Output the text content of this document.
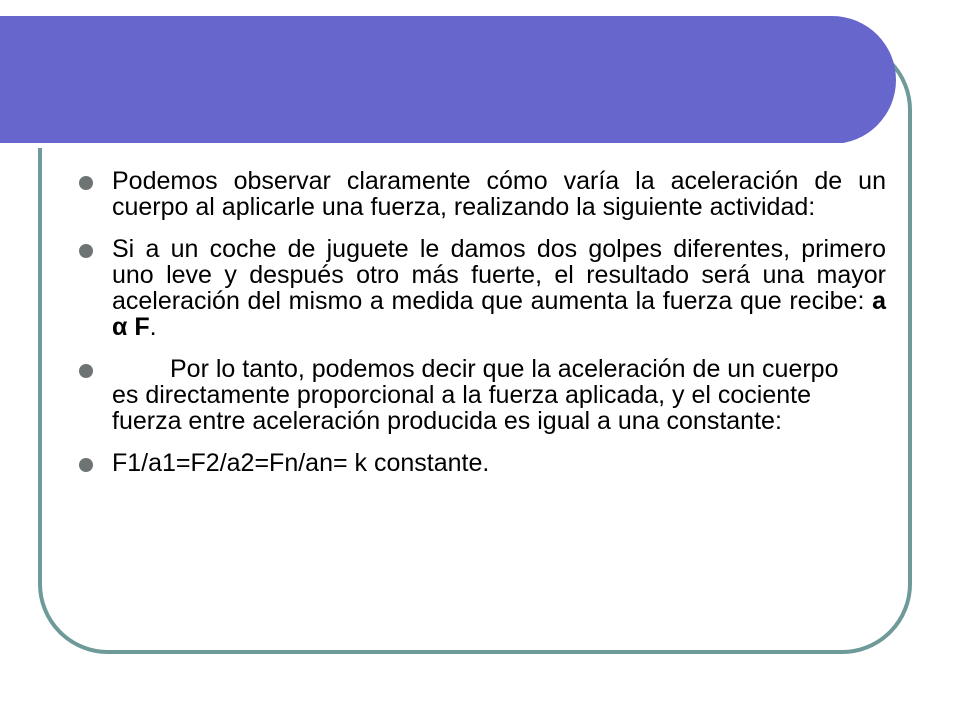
Podemos observar claramente cómo varía la aceleración de un cuerpo al aplicarle una fuerza, realizando la siguiente actividad:
Si a un coche de juguete le damos dos golpes diferentes, primero uno leve y después otro más fuerte, el resultado será una mayor aceleración del mismo a medida que aumenta la fuerza que recibe: a α F.
Por lo tanto, podemos decir que la aceleración de un cuerpo es directamente proporcional a la fuerza aplicada, y el cociente fuerza entre aceleración producida es igual a una constante:
F1/a1=F2/a2=Fn/an= k constante.
